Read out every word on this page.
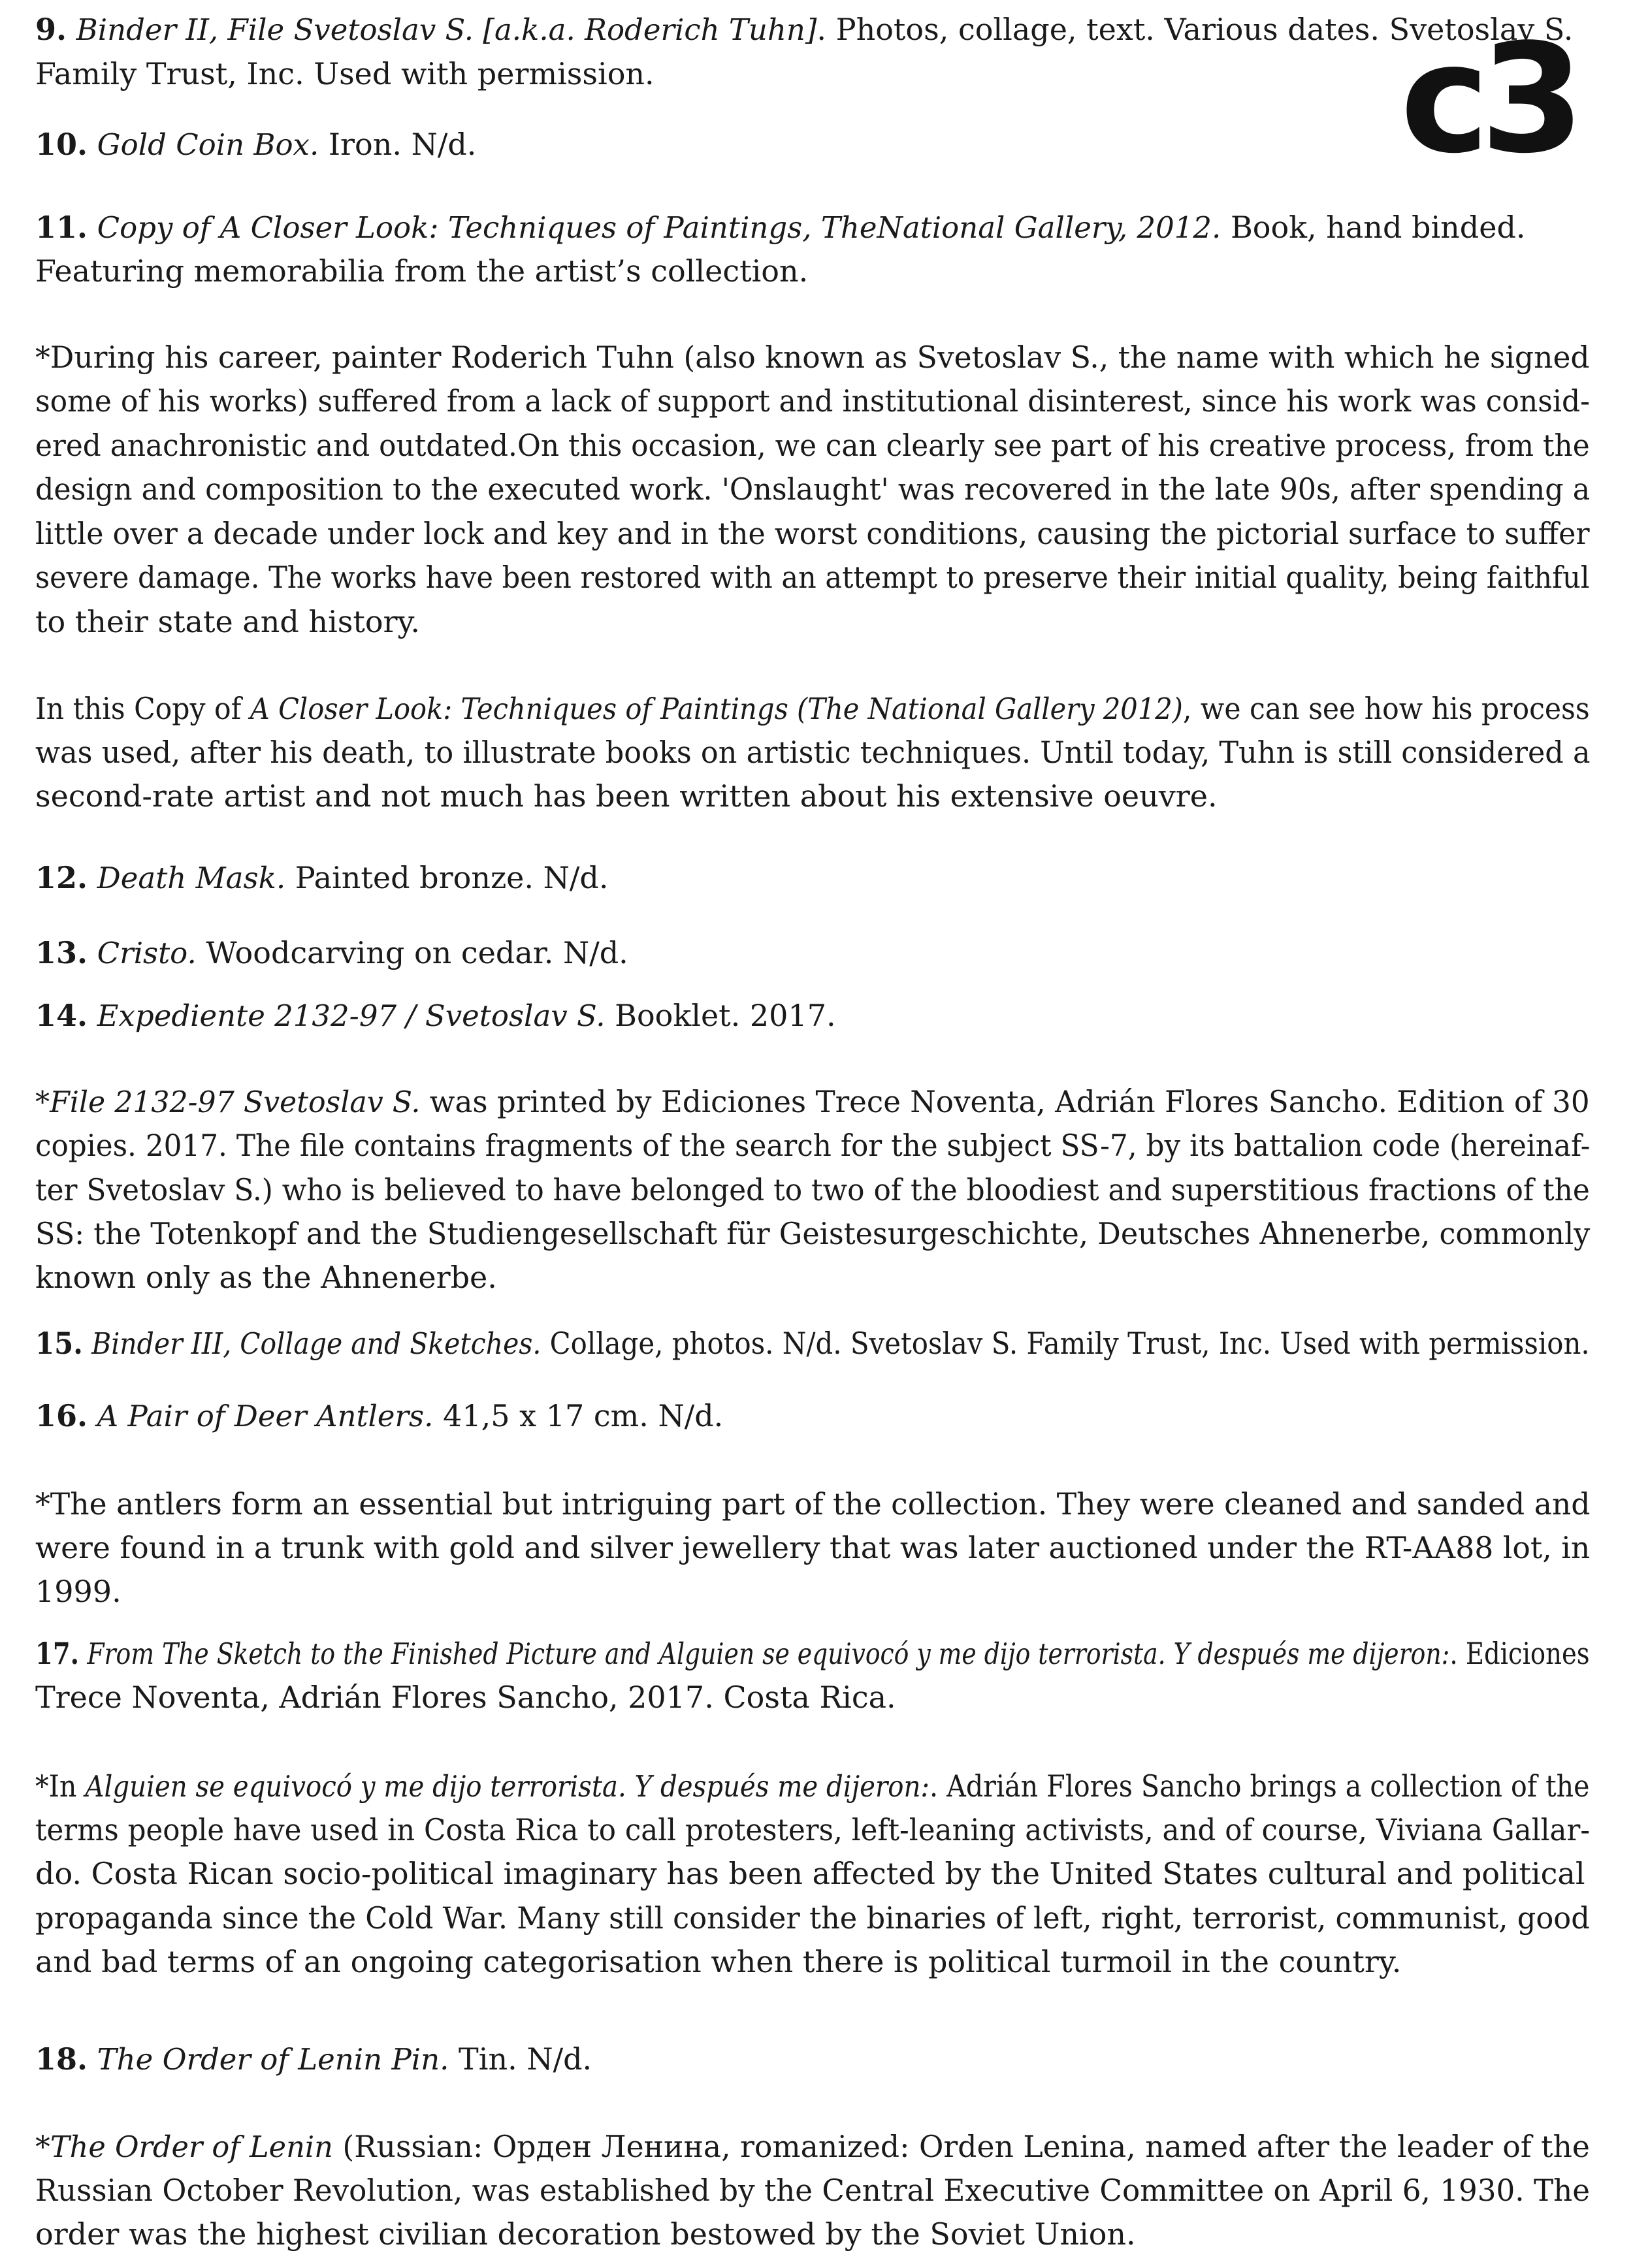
c3
9. Binder II, File Svetoslav S. [a.k.a. Roderich Tuhn]. Photos, collage, text. Various dates. Svetoslav S.
Family Trust, Inc. Used with permission.
10. Gold Coin Box. Iron. N/d.
11. Copy of A Closer Look: Techniques of Paintings, TheNational Gallery, 2012. Book, hand binded.
Featuring memorabilia from the artist’s collection.
*During his career, painter Roderich Tuhn (also known as Svetoslav S., the name with which he signed
some of his works) suffered from a lack of support and institutional disinterest, since his work was consid-
ered anachronistic and outdated.On this occasion, we can clearly see part of his creative process, from the
design and composition to the executed work. 'Onslaught' was recovered in the late 90s, after spending a
little over a decade under lock and key and in the worst conditions, causing the pictorial surface to suffer
severe damage. The works have been restored with an attempt to preserve their initial quality, being faithful
to their state and history.
In this Copy of A Closer Look: Techniques of Paintings (The National Gallery 2012), we can see how his process
was used, after his death, to illustrate books on artistic techniques. Until today, Tuhn is still considered a
second-rate artist and not much has been written about his extensive oeuvre.
12. Death Mask. Painted bronze. N/d.
13. Cristo. Woodcarving on cedar. N/d.
14. Expediente 2132-97 / Svetoslav S. Booklet. 2017.
*File 2132-97 Svetoslav S. was printed by Ediciones Trece Noventa, Adrián Flores Sancho. Edition of 30
copies. 2017. The file contains fragments of the search for the subject SS-7, by its battalion code (hereinaf-
ter Svetoslav S.) who is believed to have belonged to two of the bloodiest and superstitious fractions of the
SS: the Totenkopf and the Studiengesellschaft für Geistesurgeschichte, Deutsches Ahnenerbe, commonly
known only as the Ahnenerbe.
15. Binder III, Collage and Sketches. Collage, photos. N/d. Svetoslav S. Family Trust, Inc. Used with permission.
16. A Pair of Deer Antlers. 41,5 x 17 cm. N/d.
*The antlers form an essential but intriguing part of the collection. They were cleaned and sanded and
were found in a trunk with gold and silver jewellery that was later auctioned under the RT-AA88 lot, in
1999.
17. From The Sketch to the Finished Picture and Alguien se equivocó y me dijo terrorista. Y después me dijeron:. Ediciones
Trece Noventa, Adrián Flores Sancho, 2017. Costa Rica.
*In Alguien se equivocó y me dijo terrorista. Y después me dijeron:. Adrián Flores Sancho brings a collection of the
terms people have used in Costa Rica to call protesters, left-leaning activists, and of course, Viviana Gallar-
do. Costa Rican socio-political imaginary has been affected by the United States cultural and political
propaganda since the Cold War. Many still consider the binaries of left, right, terrorist, communist, good
and bad terms of an ongoing categorisation when there is political turmoil in the country.
18. The Order of Lenin Pin. Tin. N/d.
*The Order of Lenin (Russian: Орден Ленина, romanized: Orden Lenina, named after the leader of the
Russian October Revolution, was established by the Central Executive Committee on April 6, 1930. The
order was the highest civilian decoration bestowed by the Soviet Union.
